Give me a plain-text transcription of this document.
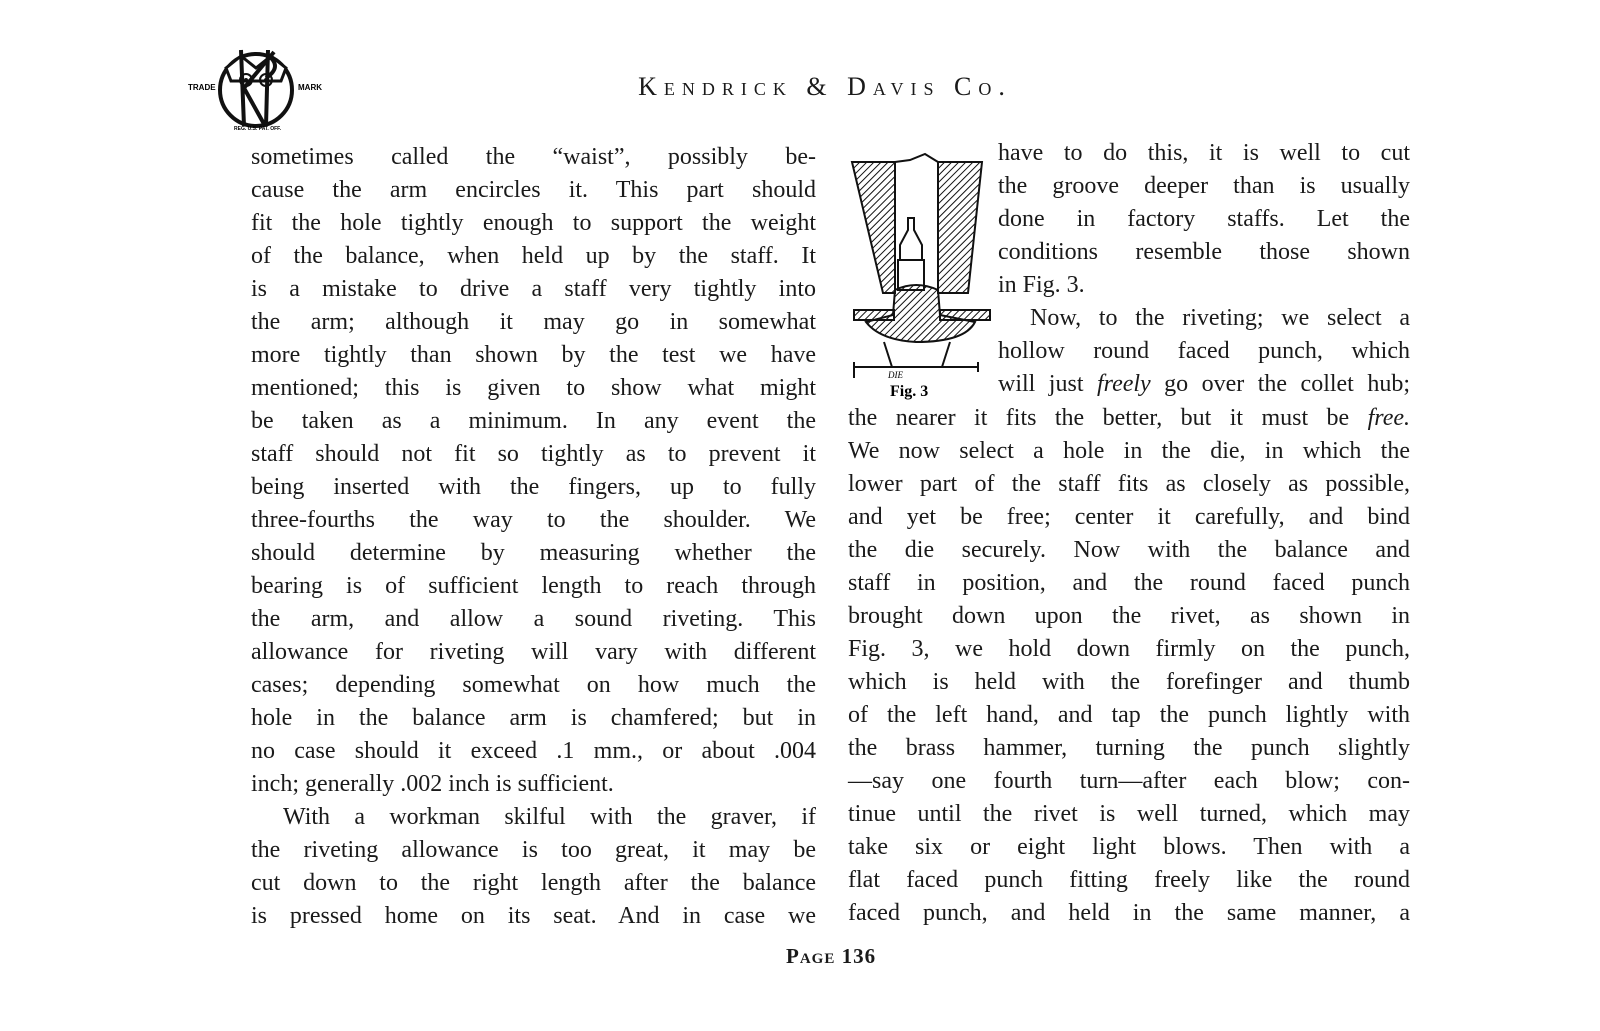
TRADE	MARK
REG. U.S. PAT. OFF.
Kendrick & Davis Co.
sometimes called the “waist”, possibly be-
cause the arm encircles it. This part should
fit the hole tightly enough to support the weight
of the balance, when held up by the staff. It
is a mistake to drive a staff very tightly into
the arm; although it may go in somewhat
more tightly than shown by the test we have
mentioned; this is given to show what might
be taken as a minimum. In any event the
staff should not fit so tightly as to prevent it
being inserted with the fingers, up to fully
three-fourths the way to the shoulder. We
should determine by measuring whether the
bearing is of sufficient length to reach through
the arm, and allow a sound riveting. This
allowance for riveting will vary with different
cases; depending somewhat on how much the
hole in the balance arm is chamfered; but in
no case should it exceed .1 mm., or about .004
inch; generally .002 inch is sufficient.
With a workman skilful with the graver, if
the riveting allowance is too great, it may be
cut down to the right length after the balance
is pressed home on its seat. And in case we
DIE
Fig. 3
have to do this, it is well to cut
the groove deeper than is usually
done in factory staffs. Let the
conditions resemble those shown
in Fig. 3.
Now, to the riveting; we select a
hollow round faced punch, which
will just freely go over the collet hub;
the nearer it fits the better, but it must be free.
We now select a hole in the die, in which the
lower part of the staff fits as closely as possible,
and yet be free; center it carefully, and bind
the die securely. Now with the balance and
staff in position, and the round faced punch
brought down upon the rivet, as shown in
Fig. 3, we hold down firmly on the punch,
which is held with the forefinger and thumb
of the left hand, and tap the punch lightly with
the brass hammer, turning the punch slightly
—say one fourth turn—after each blow; con-
tinue until the rivet is well turned, which may
take six or eight light blows. Then with a
flat faced punch fitting freely like the round
faced punch, and held in the same manner, a
Page 136
